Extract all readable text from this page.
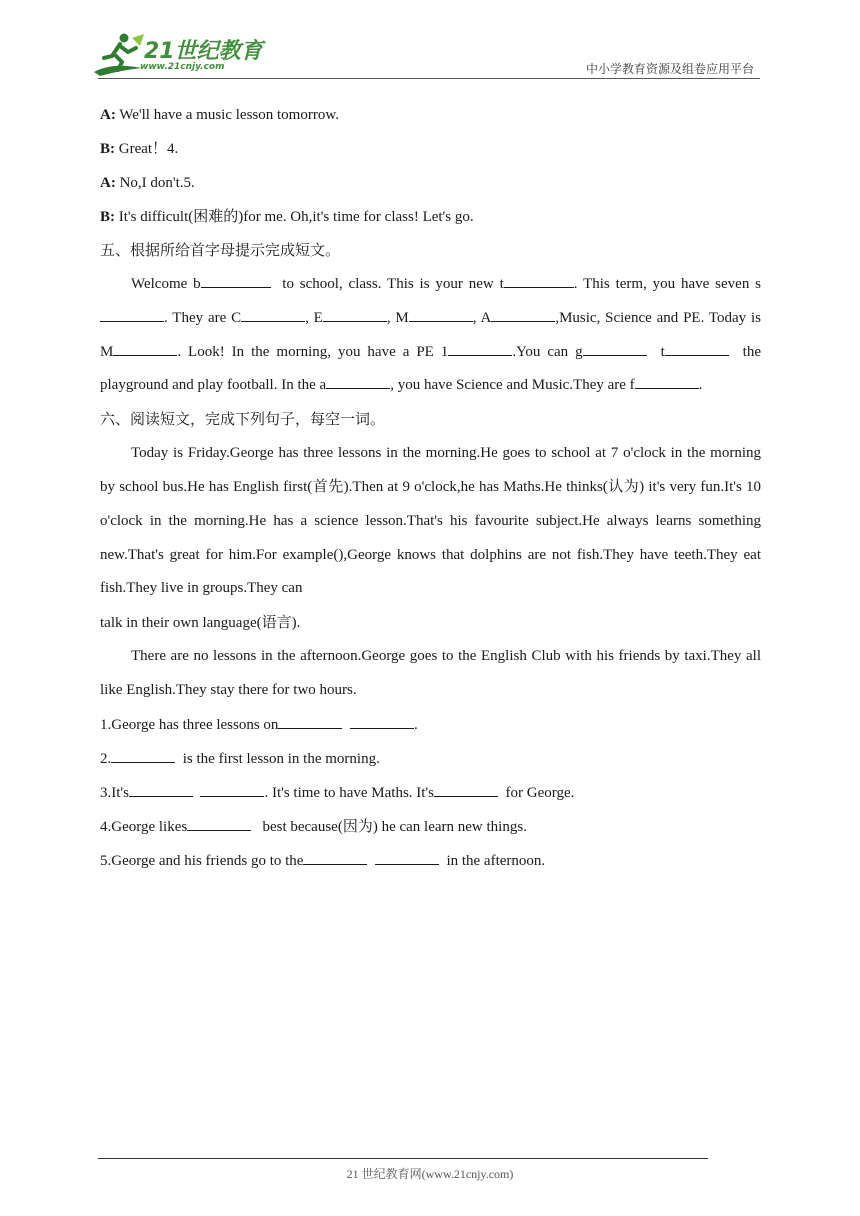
21世纪教育
www.21cnjy.com	中小学教育资源及组卷应用平台
A: We'll have a music lesson tomorrow.
B: Great！4.
A: No,I don't.5.
B: It's difficult(困难的)for me. Oh,it's time for class! Let's go.
五、根据所给首字母提示完成短文。

Welcome b	to school, class. This is your new t	. This term, you have seven s. They are C	, E	, M	, A	,Music, Science and PE. Today is M	. Look! In the morning, you have a PE 1	.You can g	t	the playground and play football. In the a	, you have Science and Music.They are f	.

六、阅读短文，完成下列句子，每空一词。

Today is Friday.George has three lessons in the morning.He goes to school at 7 o'clock in the morning by school bus.He has English first(首先).Then at 9 o'clock,he has Maths.He thinks(认为) it's very fun.It's 10 o'clock in the morning.He has a science lesson.That's his favourite subject.He always learns something new.That's great for him.For example(),George knows that dolphins are not fish.They have teeth.They eat fish.They live in groups.They can

talk in their own language(语言).

There are no lessons in the afternoon.George goes to the English Club with his friends by taxi.They all like English.They stay there for two hours.

1.George has three lessons on	.
2.	is the first lesson in the morning.
3.It's	. It's time to have Maths. It's	for George.
4.George likes	best because(因为) he can learn new things.
5.George and his friends go to the	in the afternoon.
21 世纪教育网(www.21cnjy.com)
